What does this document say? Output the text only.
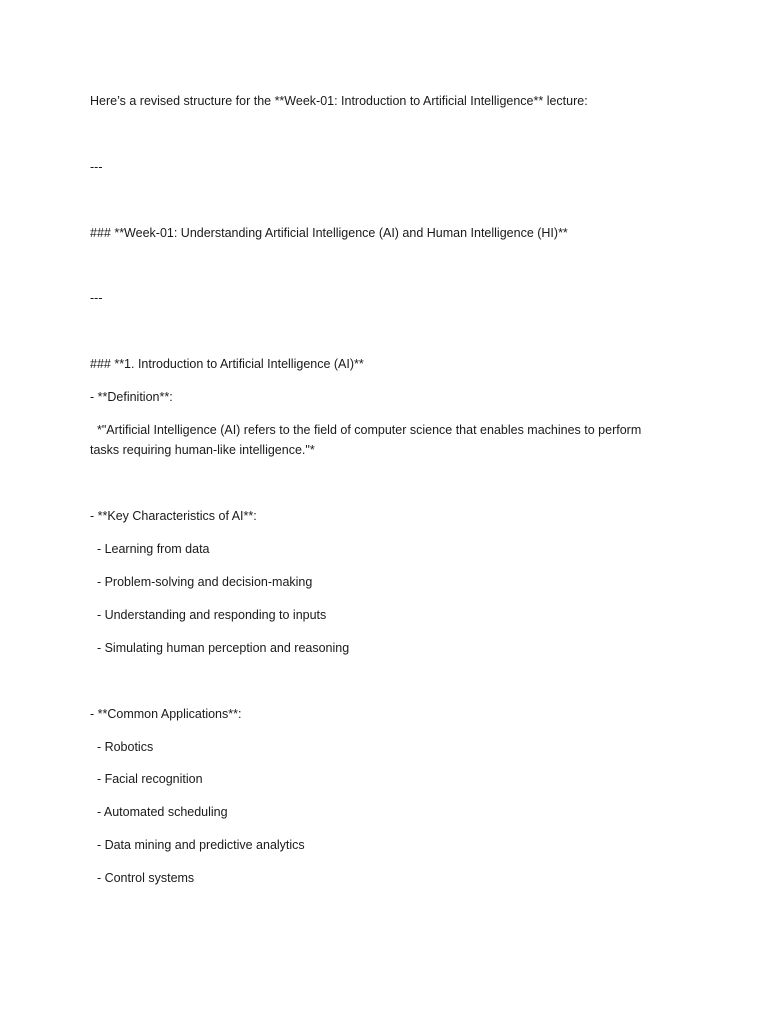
Here’s a revised structure for the **Week-01: Introduction to Artificial Intelligence** lecture:
---
### **Week-01: Understanding Artificial Intelligence (AI) and Human Intelligence (HI)**
---
### **1. Introduction to Artificial Intelligence (AI)**
- **Definition**:
*"Artificial Intelligence (AI) refers to the field of computer science that enables machines to perform tasks requiring human-like intelligence."*
- **Key Characteristics of AI**:
- Learning from data
- Problem-solving and decision-making
- Understanding and responding to inputs
- Simulating human perception and reasoning
- **Common Applications**:
- Robotics
- Facial recognition
- Automated scheduling
- Data mining and predictive analytics
- Control systems
